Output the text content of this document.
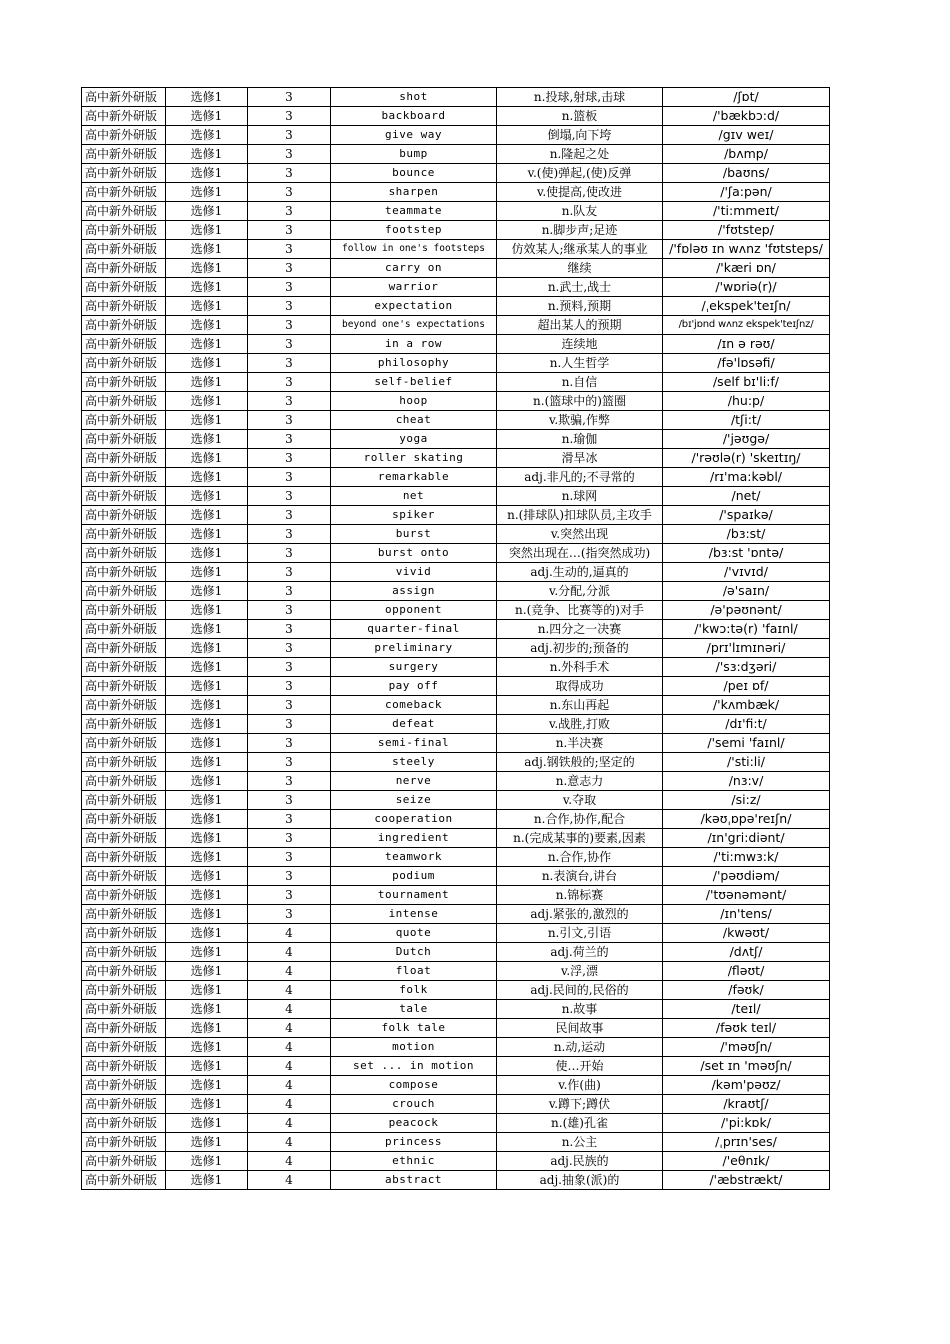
高中新外研版	选修1	3	shot	n.投球,射球,击球	/ʃɒt/
高中新外研版	选修1	3	backboard	n.篮板	/'bækbɔ:d/
高中新外研版	选修1	3	give way	倒塌,向下垮	/gɪv weɪ/
高中新外研版	选修1	3	bump	n.隆起之处	/bʌmp/
高中新外研版	选修1	3	bounce	v.(使)弹起,(使)反弹	/baʊns/
高中新外研版	选修1	3	sharpen	v.使提高,使改进	/'ʃa:pən/
高中新外研版	选修1	3	teammate	n.队友	/'ti:mmeɪt/
高中新外研版	选修1	3	footstep	n.脚步声;足迹	/'fʊtstep/
高中新外研版	选修1	3	follow in one's footsteps	仿效某人;继承某人的事业	/'fɒləʊ ɪn wʌnz 'fʊtsteps/
高中新外研版	选修1	3	carry on	继续	/'kæri ɒn/
高中新外研版	选修1	3	warrior	n.武士,战士	/'wɒriə(r)/
高中新外研版	选修1	3	expectation	n.预料,预期	/ˌekspek'teɪʃn/
高中新外研版	选修1	3	beyond one's expectations	超出某人的预期	/bɪ'jɒnd wʌnz ekspek'teɪʃnz/
高中新外研版	选修1	3	in a row	连续地	/ɪn ə rəʊ/
高中新外研版	选修1	3	philosophy	n.人生哲学	/fə'lɒsəfi/
高中新外研版	选修1	3	self-belief	n.自信	/self bɪ'li:f/
高中新外研版	选修1	3	hoop	n.(篮球中的)篮圈	/hu:p/
高中新外研版	选修1	3	cheat	v.欺骗,作弊	/tʃi:t/
高中新外研版	选修1	3	yoga	n.瑜伽	/'jəʊgə/
高中新外研版	选修1	3	roller skating	滑旱冰	/'rəʊlə(r) 'skeɪtɪŋ/
高中新外研版	选修1	3	remarkable	adj.非凡的;不寻常的	/rɪ'ma:kəbl/
高中新外研版	选修1	3	net	n.球网	/net/
高中新外研版	选修1	3	spiker	n.(排球队)扣球队员,主攻手	/'spaɪkə/
高中新外研版	选修1	3	burst	v.突然出现	/bɜ:st/
高中新外研版	选修1	3	burst onto	突然出现在…(指突然成功)	/bɜ:st 'ɒntə/
高中新外研版	选修1	3	vivid	adj.生动的,逼真的	/'vɪvɪd/
高中新外研版	选修1	3	assign	v.分配,分派	/ə'saɪn/
高中新外研版	选修1	3	opponent	n.(竞争、比赛等的)对手	/ə'pəʊnənt/
高中新外研版	选修1	3	quarter-final	n.四分之一决赛	/'kwɔ:tə(r) 'faɪnl/
高中新外研版	选修1	3	preliminary	adj.初步的;预备的	/prɪ'lɪmɪnəri/
高中新外研版	选修1	3	surgery	n.外科手术	/'sɜ:dʒəri/
高中新外研版	选修1	3	pay off	取得成功	/peɪ ɒf/
高中新外研版	选修1	3	comeback	n.东山再起	/'kʌmbæk/
高中新外研版	选修1	3	defeat	v.战胜,打败	/dɪ'fi:t/
高中新外研版	选修1	3	semi-final	n.半决赛	/'semi 'faɪnl/
高中新外研版	选修1	3	steely	adj.钢铁般的;坚定的	/'sti:li/
高中新外研版	选修1	3	nerve	n.意志力	/nɜ:v/
高中新外研版	选修1	3	seize	v.夺取	/si:z/
高中新外研版	选修1	3	cooperation	n.合作,协作,配合	/kəʊˌɒpə'reɪʃn/
高中新外研版	选修1	3	ingredient	n.(完成某事的)要素,因素	/ɪn'gri:diənt/
高中新外研版	选修1	3	teamwork	n.合作,协作	/'ti:mwɜ:k/
高中新外研版	选修1	3	podium	n.表演台,讲台	/'pəʊdiəm/
高中新外研版	选修1	3	tournament	n.锦标赛	/'tʊənəmənt/
高中新外研版	选修1	3	intense	adj.紧张的,激烈的	/ɪn'tens/
高中新外研版	选修1	4	quote	n.引文,引语	/kwəʊt/
高中新外研版	选修1	4	Dutch	adj.荷兰的	/dʌtʃ/
高中新外研版	选修1	4	float	v.浮,漂	/fləʊt/
高中新外研版	选修1	4	folk	adj.民间的,民俗的	/fəʊk/
高中新外研版	选修1	4	tale	n.故事	/teɪl/
高中新外研版	选修1	4	folk tale	民间故事	/fəʊk teɪl/
高中新外研版	选修1	4	motion	n.动,运动	/'məʊʃn/
高中新外研版	选修1	4	set ... in motion	使…开始	/set ɪn 'məʊʃn/
高中新外研版	选修1	4	compose	v.作(曲)	/kəm'pəʊz/
高中新外研版	选修1	4	crouch	v.蹲下;蹲伏	/kraʊtʃ/
高中新外研版	选修1	4	peacock	n.(雄)孔雀	/'pi:kɒk/
高中新外研版	选修1	4	princess	n.公主	/ˌprɪn'ses/
高中新外研版	选修1	4	ethnic	adj.民族的	/'eθnɪk/
高中新外研版	选修1	4	abstract	adj.抽象(派)的	/'æbstrækt/
